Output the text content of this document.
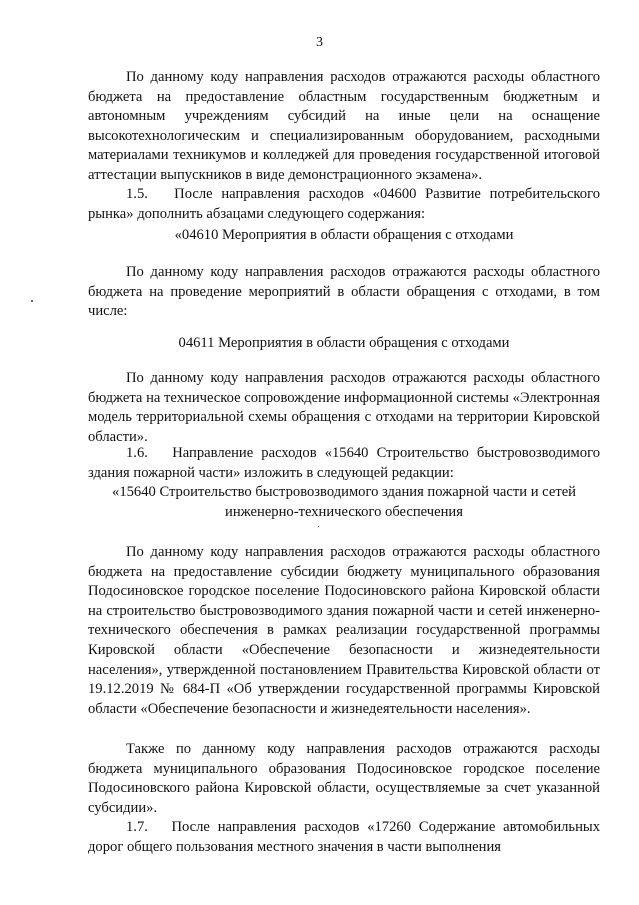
3
По данному коду направления расходов отражаются расходы областного бюджета на предоставление областным государственным бюджетным и автономным учреждениям субсидий на иные цели на оснащение высокотехнологическим и специализированным оборудованием, расходными материалами техникумов и колледжей для проведения государственной итоговой аттестации выпускников в виде демонстрационного экзамена».
1.5.   После направления расходов «04600 Развитие потребительского рынка» дополнить абзацами следующего содержания:
«04610 Мероприятия в области обращения с отходами
По данному коду направления расходов отражаются расходы областного бюджета на проведение мероприятий в области обращения с отходами, в том числе:
04611 Мероприятия в области обращения с отходами
По данному коду направления расходов отражаются расходы областного бюджета на техническое сопровождение информационной системы «Электронная модель территориальной схемы обращения с отходами на территории Кировской области».
1.6.   Направление расходов «15640 Строительство быстровозводимого здания пожарной части» изложить в следующей редакции:
«15640 Строительство быстровозводимого здания пожарной части и сетей инженерно-технического обеспечения
По данному коду направления расходов отражаются расходы областного бюджета на предоставление субсидии бюджету муниципального образования Подосиновское городское поселение Подосиновского района Кировской области на строительство быстровозводимого здания пожарной части и сетей инженерно-технического обеспечения в рамках реализации государственной программы Кировской области «Обеспечение безопасности и жизнедеятельности населения», утвержденной постановлением Правительства Кировской области от 19.12.2019 № 684-П «Об утверждении государственной программы Кировской области «Обеспечение безопасности и жизнедеятельности населения».
Также по данному коду направления расходов отражаются расходы бюджета муниципального образования Подосиновское городское поселение Подосиновского района Кировской области, осуществляемые за счет указанной субсидии».
1.7.   После направления расходов «17260 Содержание автомобильных дорог общего пользования местного значения в части выполнения
